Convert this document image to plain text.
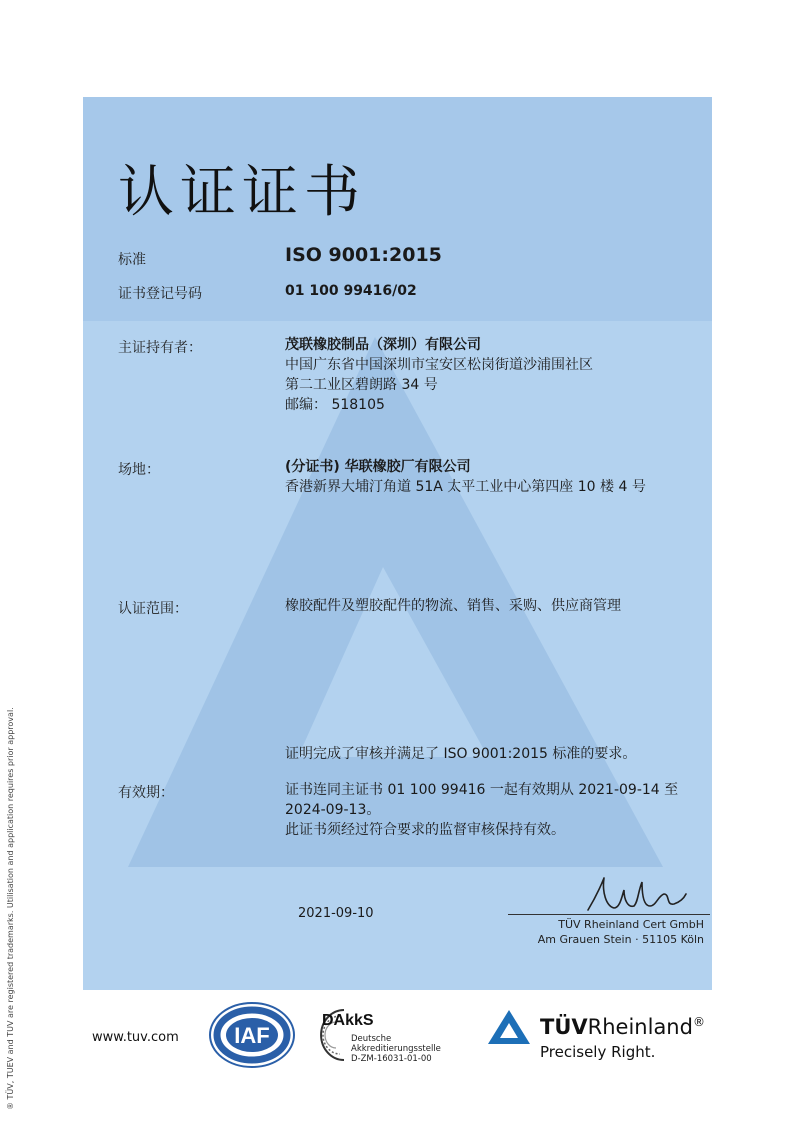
认证证书
标准	ISO 9001:2015
证书登记号码	01 100 99416/02
主证持有者：	茂联橡胶制品（深圳）有限公司
中国广东省中国深圳市宝安区松岗街道沙浦围社区
第二工业区碧朗路 34 号
邮编： 518105
场地：	(分证书) 华联橡胶厂有限公司
香港新界大埔汀角道 51A 太平工业中心第四座 10 楼 4 号
认证范围：	橡胶配件及塑胶配件的物流、销售、采购、供应商管理
证明完成了审核并满足了 ISO 9001:2015 标准的要求。
有效期：	证书连同主证书 01 100 99416 一起有效期从 2021-09-14 至
2024-09-13。
此证书须经过符合要求的监督审核保持有效。
2021-09-10
TÜV Rheinland Cert GmbH
Am Grauen Stein · 51105 Köln
® TÜV, TUEV and TUV are registered trademarks. Utilisation and application requires prior approval.	www.tuv.com	IAF
DAkkS
Deutsche
Akkreditierungsstelle
D-ZM-16031-01-00
TÜVRheinland®
Precisely Right.
